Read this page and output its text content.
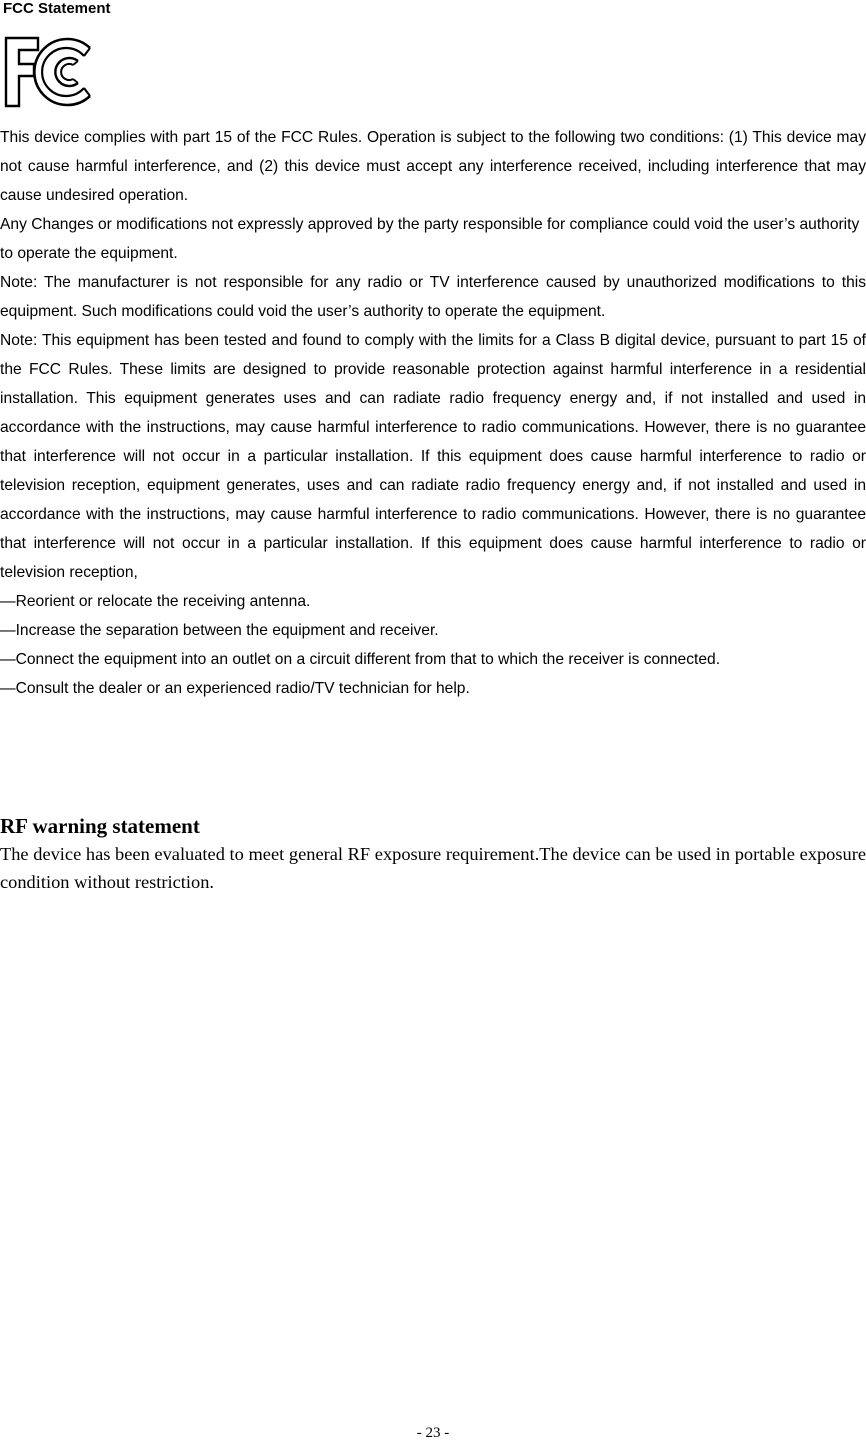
FCC Statement

This device complies with part 15 of the FCC Rules. Operation is subject to the following two conditions: (1) This device may not cause harmful interference, and (2) this device must accept any interference received, including interference that may cause undesired operation.

Any Changes or modifications not expressly approved by the party responsible for compliance could void the user’s authority to operate the equipment.

Note: The manufacturer is not responsible for any radio or TV interference caused by unauthorized modifications to this equipment. Such modifications could void the user’s authority to operate the equipment.

Note: This equipment has been tested and found to comply with the limits for a Class B digital device, pursuant to part 15 of the FCC Rules. These limits are designed to provide reasonable protection against harmful interference in a residential installation. This equipment generates uses and can radiate radio frequency energy and, if not installed and used in accordance with the instructions, may cause harmful interference to radio communications. However, there is no guarantee that interference will not occur in a particular installation. If this equipment does cause harmful interference to radio or television reception, equipment generates, uses and can radiate radio frequency energy and, if not installed and used in accordance with the instructions, may cause harmful interference to radio communications. However, there is no guarantee that interference will not occur in a particular installation. If this equipment does cause harmful interference to radio or television reception,

—Reorient or relocate the receiving antenna.

—Increase the separation between the equipment and receiver.

—Connect the equipment into an outlet on a circuit different from that to which the receiver is connected.

—Consult the dealer or an experienced radio/TV technician for help.

RF warning statement

The device has been evaluated to meet general RF exposure requirement.The device can be used in portable exposure condition without restriction.

- 23 -
